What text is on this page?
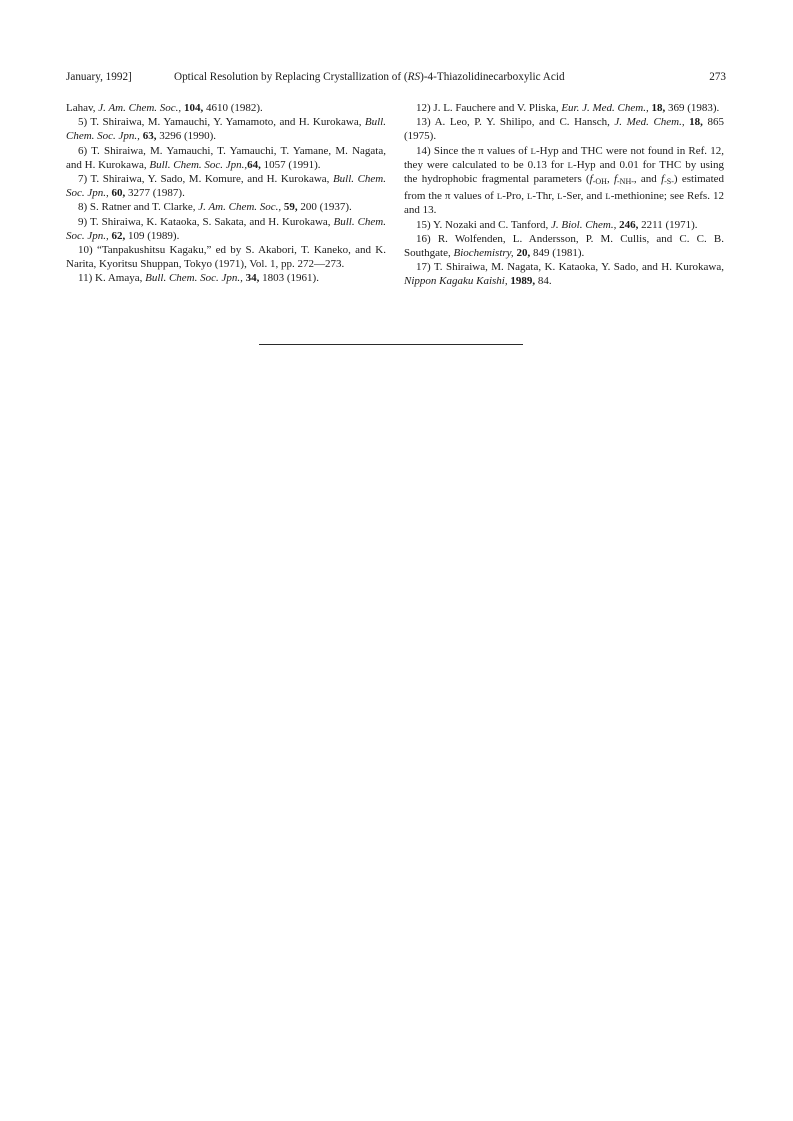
January, 1992]	Optical Resolution by Replacing Crystallization of (RS)-4-Thiazolidinecarboxylic Acid	273

Lahav, J. Am. Chem. Soc., 104, 4610 (1982).

5) T. Shiraiwa, M. Yamauchi, Y. Yamamoto, and H. Kurokawa, Bull. Chem. Soc. Jpn., 63, 3296 (1990).

6) T. Shiraiwa, M. Yamauchi, T. Yamauchi, T. Yamane, M. Nagata, and H. Kurokawa, Bull. Chem. Soc. Jpn.,64, 1057 (1991).

7) T. Shiraiwa, Y. Sado, M. Komure, and H. Kurokawa, Bull. Chem. Soc. Jpn., 60, 3277 (1987).

8) S. Ratner and T. Clarke, J. Am. Chem. Soc., 59, 200 (1937).

9) T. Shiraiwa, K. Kataoka, S. Sakata, and H. Kurokawa, Bull. Chem. Soc. Jpn., 62, 109 (1989).

10) “Tanpakushitsu Kagaku,” ed by S. Akabori, T. Kaneko, and K. Narita, Kyoritsu Shuppan, Tokyo (1971), Vol. 1, pp. 272—273.

11) K. Amaya, Bull. Chem. Soc. Jpn., 34, 1803 (1961).

12) J. L. Fauchere and V. Pliska, Eur. J. Med. Chem., 18, 369 (1983).

13) A. Leo, P. Y. Shilipo, and C. Hansch, J. Med. Chem., 18, 865 (1975).

14) Since the π values of L-Hyp and THC were not found in Ref. 12, they were calculated to be 0.13 for L-Hyp and 0.01 for THC by using the hydrophobic fragmental parameters ($f_{-OH}$, $f_{-NH-}$, and $f_{-S-}$) estimated from the π values of L-Pro, L-Thr, L-Ser, and L-methionine; see Refs. 12 and 13.

15) Y. Nozaki and C. Tanford, J. Biol. Chem., 246, 2211 (1971).

16) R. Wolfenden, L. Andersson, P. M. Cullis, and C. C. B. Southgate, Biochemistry, 20, 849 (1981).

17) T. Shiraiwa, M. Nagata, K. Kataoka, Y. Sado, and H. Kurokawa, Nippon Kagaku Kaishi, 1989, 84.
